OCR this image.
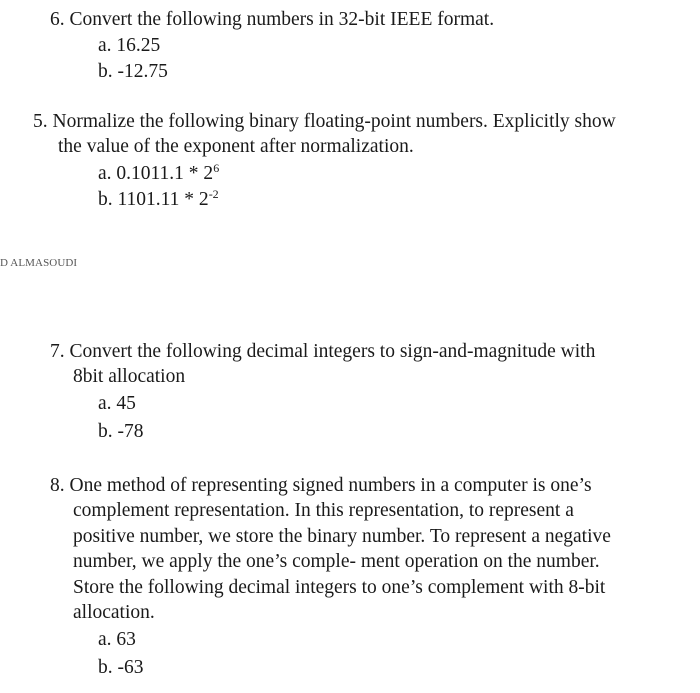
6. Convert the following numbers in 32-bit IEEE format.
a. 16.25
b. -12.75
5. Normalize the following binary floating-point numbers. Explicitly show
the value of the exponent after normalization.
a. $0.1011.1 * 2^6$
b. $1101.11 * 2^{-2}$
D ALMASOUDI
7. Convert the following decimal integers to sign-and-magnitude with
8bit allocation
a. 45
b. -78
8. One method of representing signed numbers in a computer is one’s
complement representation. In this representation, to represent a
positive number, we store the binary number. To represent a negative
number, we apply the one’s comple- ment operation on the number.
Store the following decimal integers to one’s complement with 8-bit
allocation.
a. 63
b. -63
